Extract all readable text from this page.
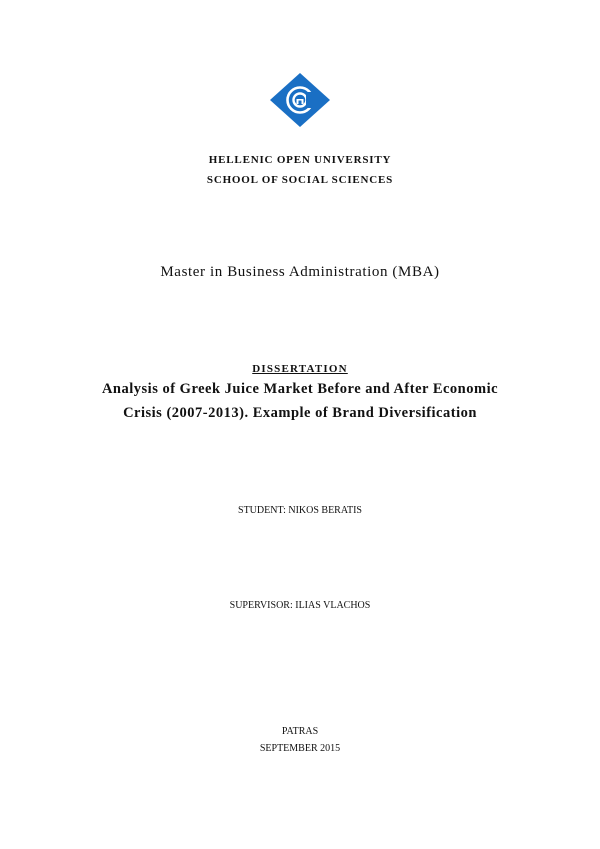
HELLENIC OPEN UNIVERSITY
SCHOOL OF SOCIAL SCIENCES
Master in Business Administration (MBA)
DISSERTATION
Analysis of Greek Juice Market Before and After Economic
Crisis (2007-2013). Example of Brand Diversification
STUDENT: NIKOS BERATIS
SUPERVISOR: ILIAS VLACHOS
PATRAS
SEPTEMBER 2015
